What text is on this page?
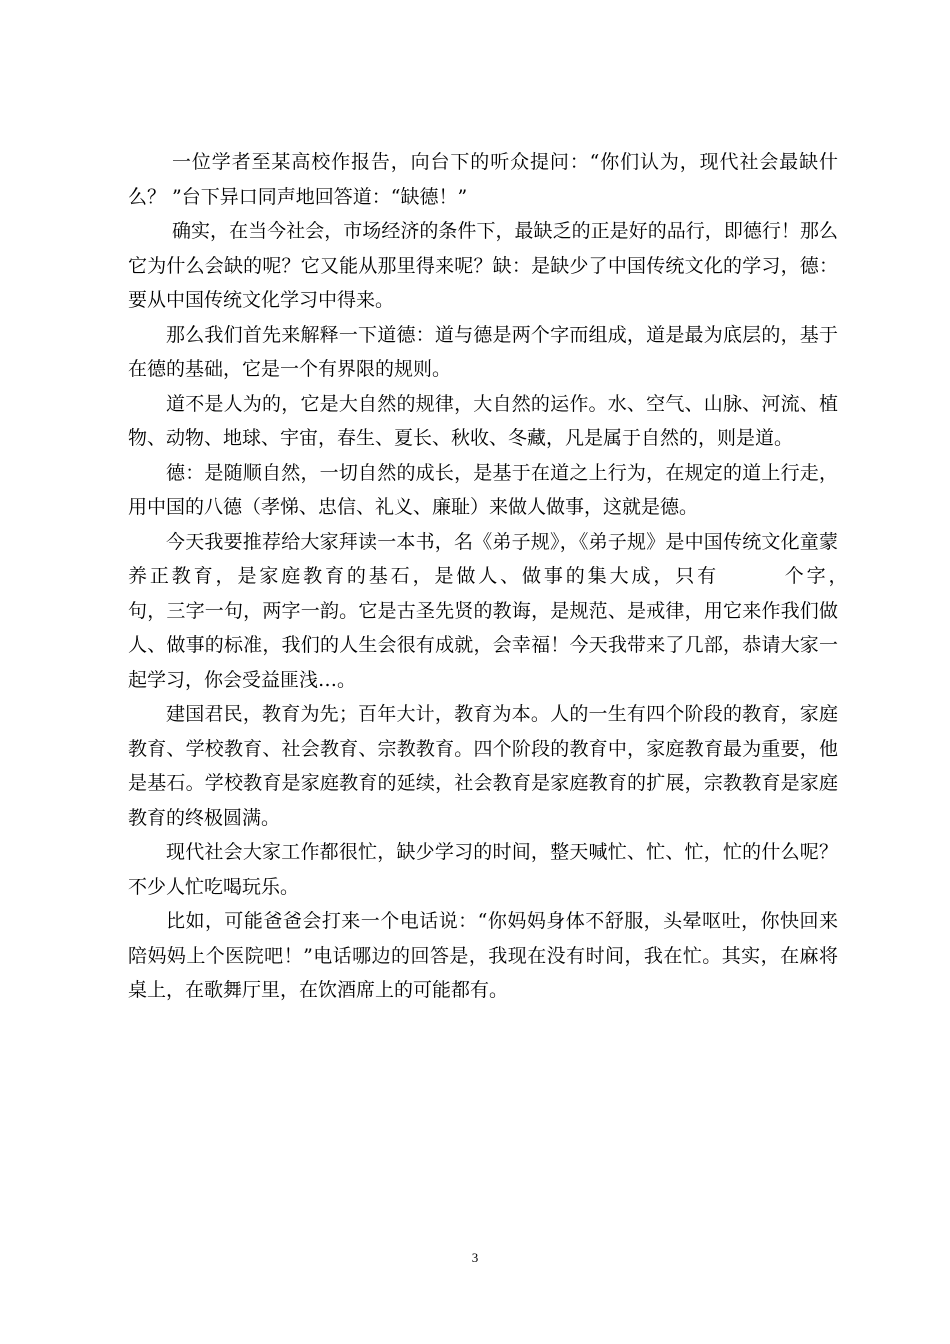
一位学者至某高校作报告，向台下的听众提问：“你们认为，现代社会最缺什么？ ”台下异口同声地回答道：“缺德！”

确实，在当今社会，市场经济的条件下，最缺乏的正是好的品行，即德行！那么它为什么会缺的呢？它又能从那里得来呢？缺：是缺少了中国传统文化的学习，德：要从中国传统文化学习中得来。

那么我们首先来解释一下道德：道与德是两个字而组成，道是最为底层的，基于在德的基础，它是一个有界限的规则。

道不是人为的，它是大自然的规律，大自然的运作。水、空气、山脉、河流、植物、动物、地球、宇宙，春生、夏长、秋收、冬藏，凡是属于自然的，则是道。

德：是随顺自然，一切自然的成长，是基于在道之上行为，在规定的道上行走，用中国的八德（孝悌、忠信、礼义、廉耻）来做人做事，这就是德。

今天我要推荐给大家拜读一本书，名《弟子规》，《弟子规》是中国传统文化童蒙养正教育，是家庭教育的基石，是做人、做事的集大成，只有　　　个字，　　　句，三字一句，两字一韵。它是古圣先贤的教诲，是规范、是戒律，用它来作我们做人、做事的标准，我们的人生会很有成就，会幸福！今天我带来了几部，恭请大家一起学习，你会受益匪浅…。

建国君民，教育为先；百年大计，教育为本。人的一生有四个阶段的教育，家庭教育、学校教育、社会教育、宗教教育。四个阶段的教育中，家庭教育最为重要，他是基石。学校教育是家庭教育的延续，社会教育是家庭教育的扩展，宗教教育是家庭教育的终极圆满。

现代社会大家工作都很忙，缺少学习的时间，整天喊忙、忙、忙，忙的什么呢？不少人忙吃喝玩乐。

比如，可能爸爸会打来一个电话说：“你妈妈身体不舒服，头晕呕吐，你快回来陪妈妈上个医院吧！”电话哪边的回答是，我现在没有时间，我在忙。其实，在麻将桌上，在歌舞厅里，在饮酒席上的可能都有。

3
